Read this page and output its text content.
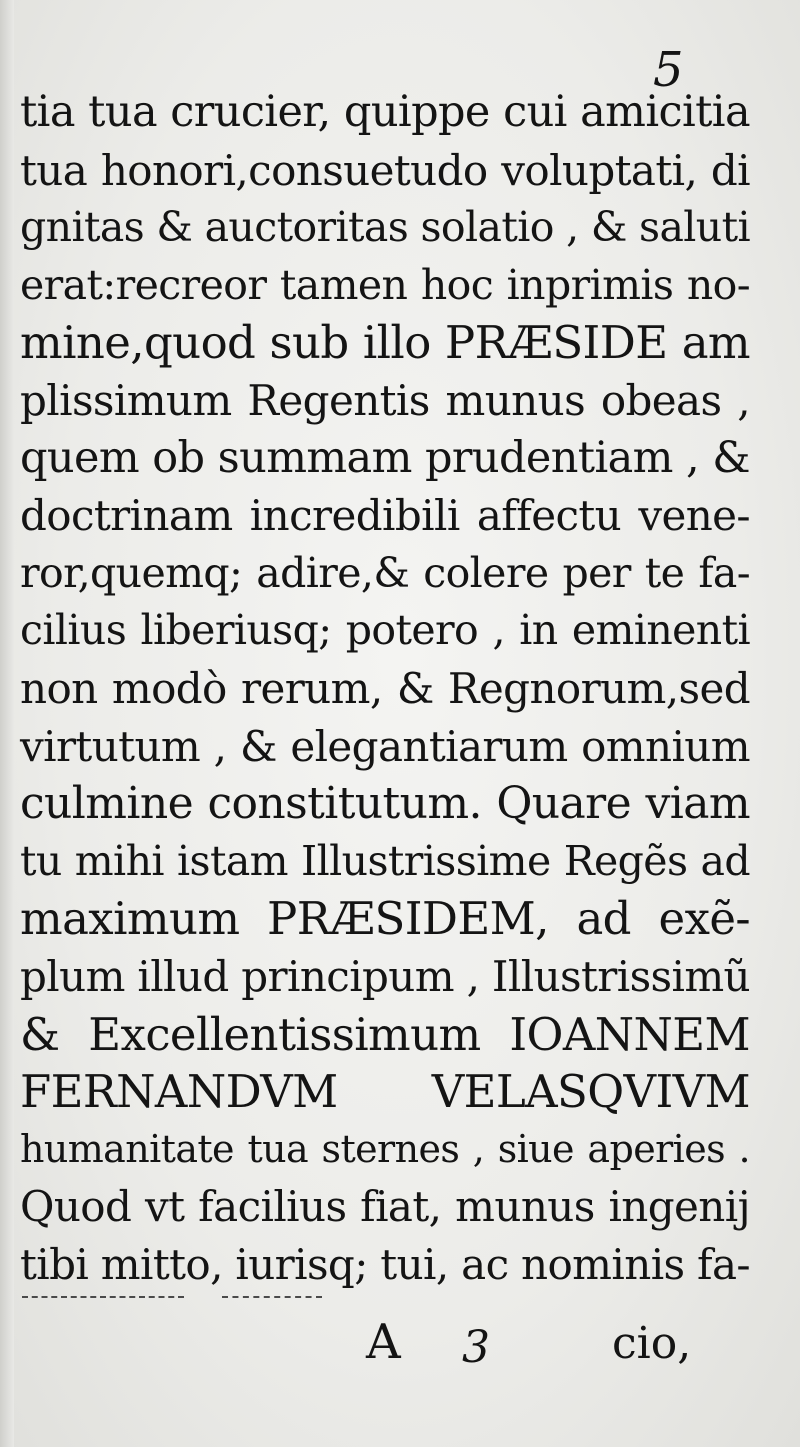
5
tia tua crucier, quippe cui amicitia
tua honori,consuetudo voluptati, di
gnitas & auctoritas solatio , & saluti
erat:recreor tamen hoc inprimis no-
mine,quod sub illo PRÆSIDE am
plissimum Regentis munus obeas ,
quem ob summam prudentiam , &
doctrinam incredibili affectu vene-
ror,quemq; adire,& colere per te fa-
cilius liberiusq; potero , in eminenti
non modò rerum, & Regnorum,sed
virtutum , & elegantiarum omnium
culmine constitutum. Quare viam
tu mihi istam Illustrissime Regẽs ad
maximum PRÆSIDEM, ad exẽ-
plum illud principum , Illustrissimũ
& Excellentissimum IOANNEM
FERNANDVM VELASQVIVM
humanitate tua sternes , siue aperies .
Quod vt facilius fiat, munus ingenij
tibi mitto, iurisq; tui, ac nominis fa-
A 3	cio,
